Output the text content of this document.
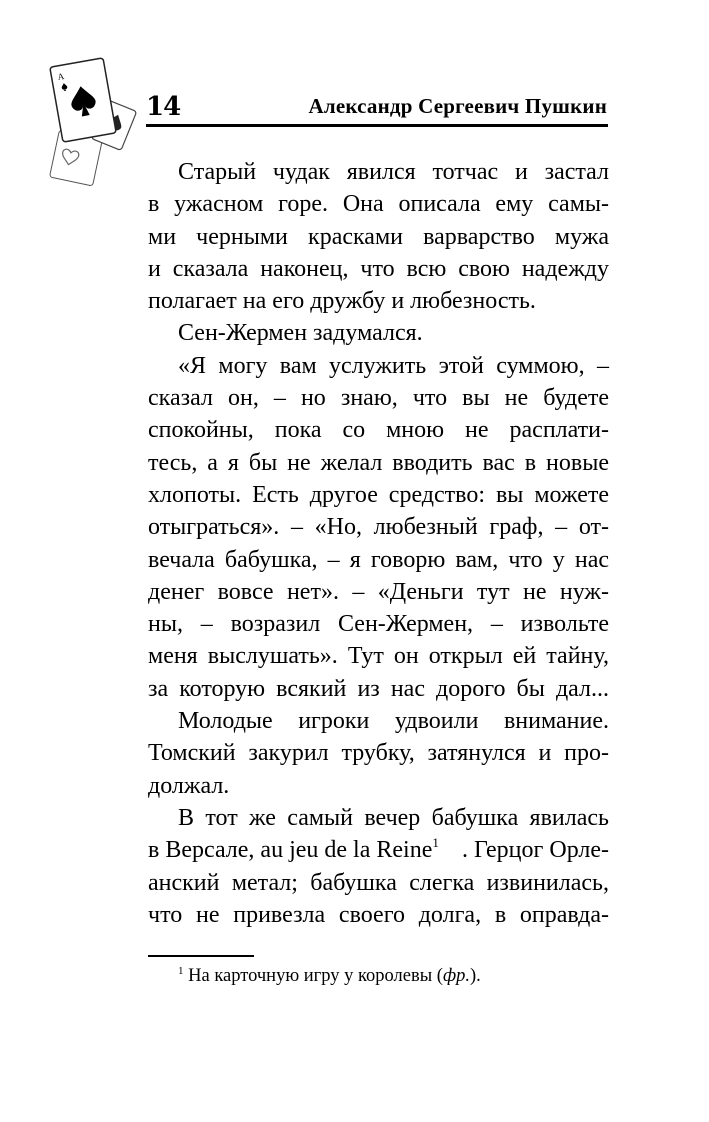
A
14	Александр Сергеевич Пушкин
Старый чудак явился тотчас и застал
в ужасном горе. Она описала ему самы-
ми черными красками варварство мужа
и сказала наконец, что всю свою надежду
полагает на его дружбу и любезность.
Сен-Жермен задумался.
«Я могу вам услужить этой суммою, –
сказал он, – но знаю, что вы не будете
спокойны, пока со мною не расплати-
тесь, а я бы не желал вводить вас в новые
хлопоты. Есть другое средство: вы можете
отыграться». – «Но, любезный граф, – от-
вечала бабушка, – я говорю вам, что у нас
денег вовсе нет». – «Деньги тут не нуж-
ны, – возразил Сен-Жермен, – извольте
меня выслушать». Тут он открыл ей тайну,
за которую всякий из нас дорого бы дал...
Молодые игроки удвоили внимание.
Томский закурил трубку, затянулся и про-
должал.
В тот же самый вечер бабушка явилась
в Версале, au jeu de la Reine$^1$ . Герцог Орле-
анский метал; бабушка слегка извинилась,
что не привезла своего долга, в оправда-
$^1$ На карточную игру у королевы (фр.).
